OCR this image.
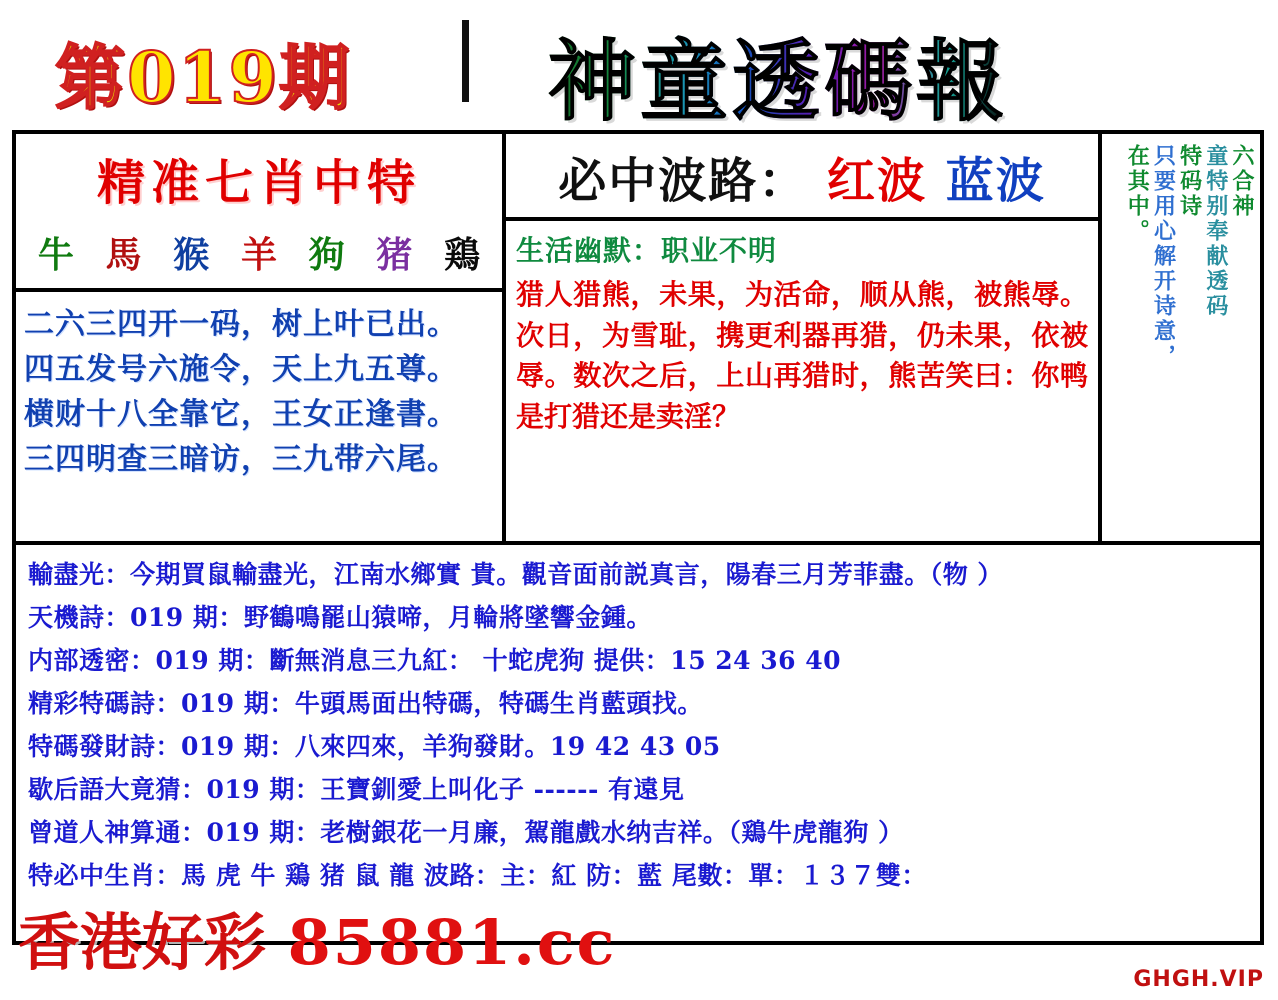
第019期 神童透碼報
精准七肖中特
牛 馬 猴 羊 狗 猪 鶏
二六三四开一码，树上叶已出。
四五发号六施令，天上九五尊。
横财十八全靠它，王女正逢書。
三四明查三暗访，三九带六尾。
必中波路： 红波 蓝波
生活幽默：职业不明
猎人猎熊，未果，为活命，顺从熊，被熊辱。次日，为雪耻，携更利器再猎，仍未果，依被辱。数次之后，上山再猎时，熊苦笑曰：你鸭是打猎还是卖淫？
六合神
童特别奉献透码
特码诗
只要用心解开诗意，
在其中。
輸盡光：今期買鼠輸盡光，江南水鄉實 貴。觀音面前説真言，陽春三月芳菲盡。（物 ）
天機詩：019 期：野鶴鳴罷山猿啼，月輪將墜響金鍾。
内部透密：019 期：斷無消息三九紅： 十蛇虎狗 提供：15 24 36 40
精彩特碼詩：019 期：牛頭馬面出特碼，特碼生肖藍頭找。
特碼發財詩：019 期：八來四來，羊狗發財。19 42 43 05
歇后語大竟猜：019 期：王寶釧愛上叫化子 ------ 有遠見
曾道人神算通：019 期：老樹銀花一月廉，駕龍戲水纳吉祥。（鶏牛虎龍狗 ）
特必中生肖：馬 虎 牛 鶏 猪 鼠 龍 波路：主：紅 防：藍 尾數：單：１３７雙：
香港好彩 85881.cc
GHGH.VIP
